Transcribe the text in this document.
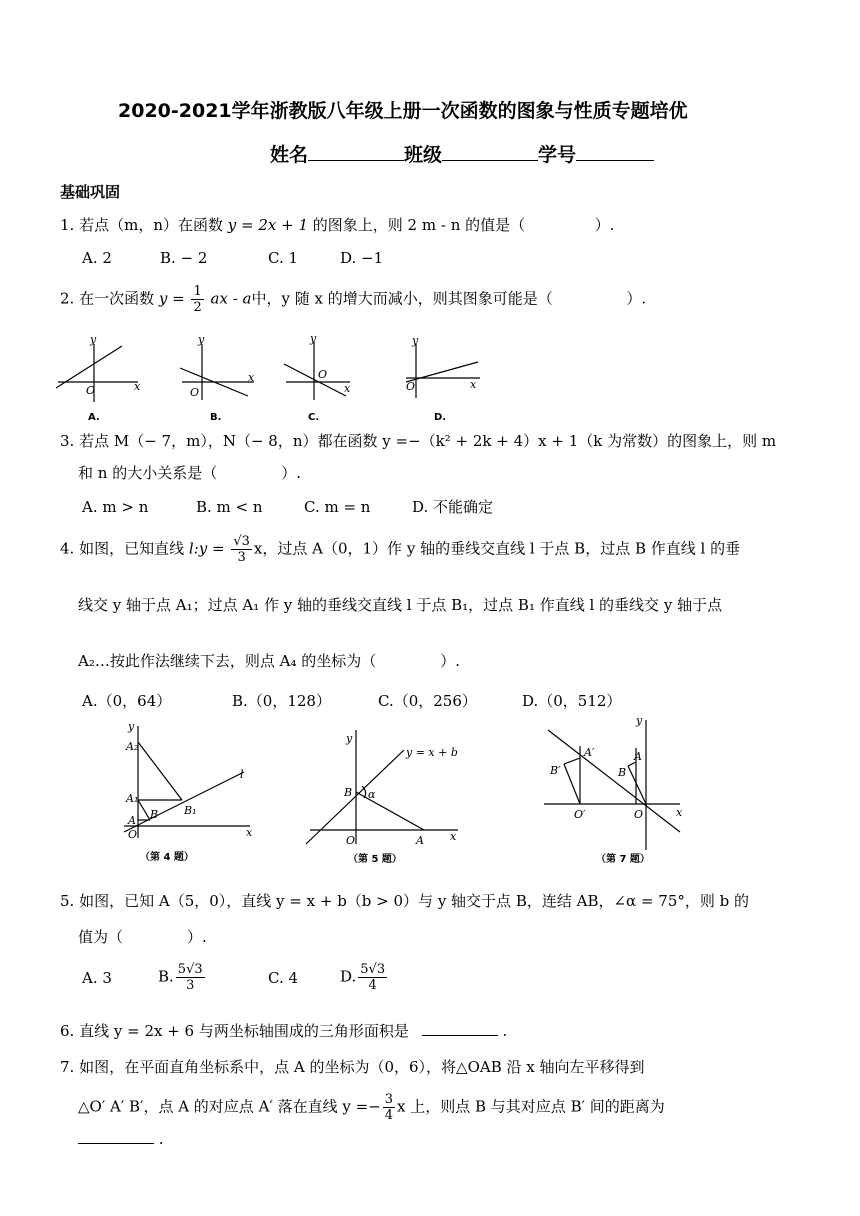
2020-2021学年浙教版八年级上册一次函数的图象与性质专题培优
姓名	班级	学号
基础巩固
1. 若点（m，n）在函数 y = 2x + 1 的图象上，则 2 m - n 的值是（	）.
A. 2	B. − 2	C. 1	D. −1
2. 在一次函数 $y = \frac{1}{2}$ ax - a中，y 随 x 的增大而减小，则其图象可能是（	）.
y
x
O
y
x
O
y
x
O
y
x
O
A.	B.	C.	D.
3. 若点 M（− 7，m），N（− 8，n）都在函数 y =−（k² + 2k + 4）x + 1（k 为常数）的图象上，则 m
和 n 的大小关系是（	）.
A. m > n	B. m < n	C. m = n	D. 不能确定
4. 如图，已知直线 l:y = $\frac{√3}{3}$ x，过点 A（0，1）作 y 轴的垂线交直线 l 于点 B，过点 B 作直线 l 的垂
线交 y 轴于点 A₁；过点 A₁ 作 y 轴的垂线交直线 l 于点 B₁，过点 B₁ 作直线 l 的垂线交 y 轴于点
A₂…按此作法继续下去，则点 A₄ 的坐标为（	）.
A.（0，64）	B.（0，128）	C.（0，256）	D.（0，512）
y
A₂
A₁
A B B₁
l
x
O
（第 4 题）
y
y = x + b
B α
O	A x
（第 5 题）
y
A
B
A′
B′
O′	O	x
（第 7 题）
5. 如图，已知 A（5，0），直线 y = x + b（b > 0）与 y 轴交于点 B，连结 AB，∠α = 75°，则 b 的
值为（	）.
A. 3	B. $\frac{5√3}{3}$	C. 4	D. $\frac{5√3}{4}$
6. 直线 y = 2x + 6 与两坐标轴围成的三角形面积是	.
7. 如图，在平面直角坐标系中，点 A 的坐标为（0，6），将△OAB 沿 x 轴向左平移得到
△O′ A′ B′，点 A 的对应点 A′ 落在直线 $y =- \frac{3}{4}$ x 上，则点 B 与其对应点 B′ 间的距离为
.
